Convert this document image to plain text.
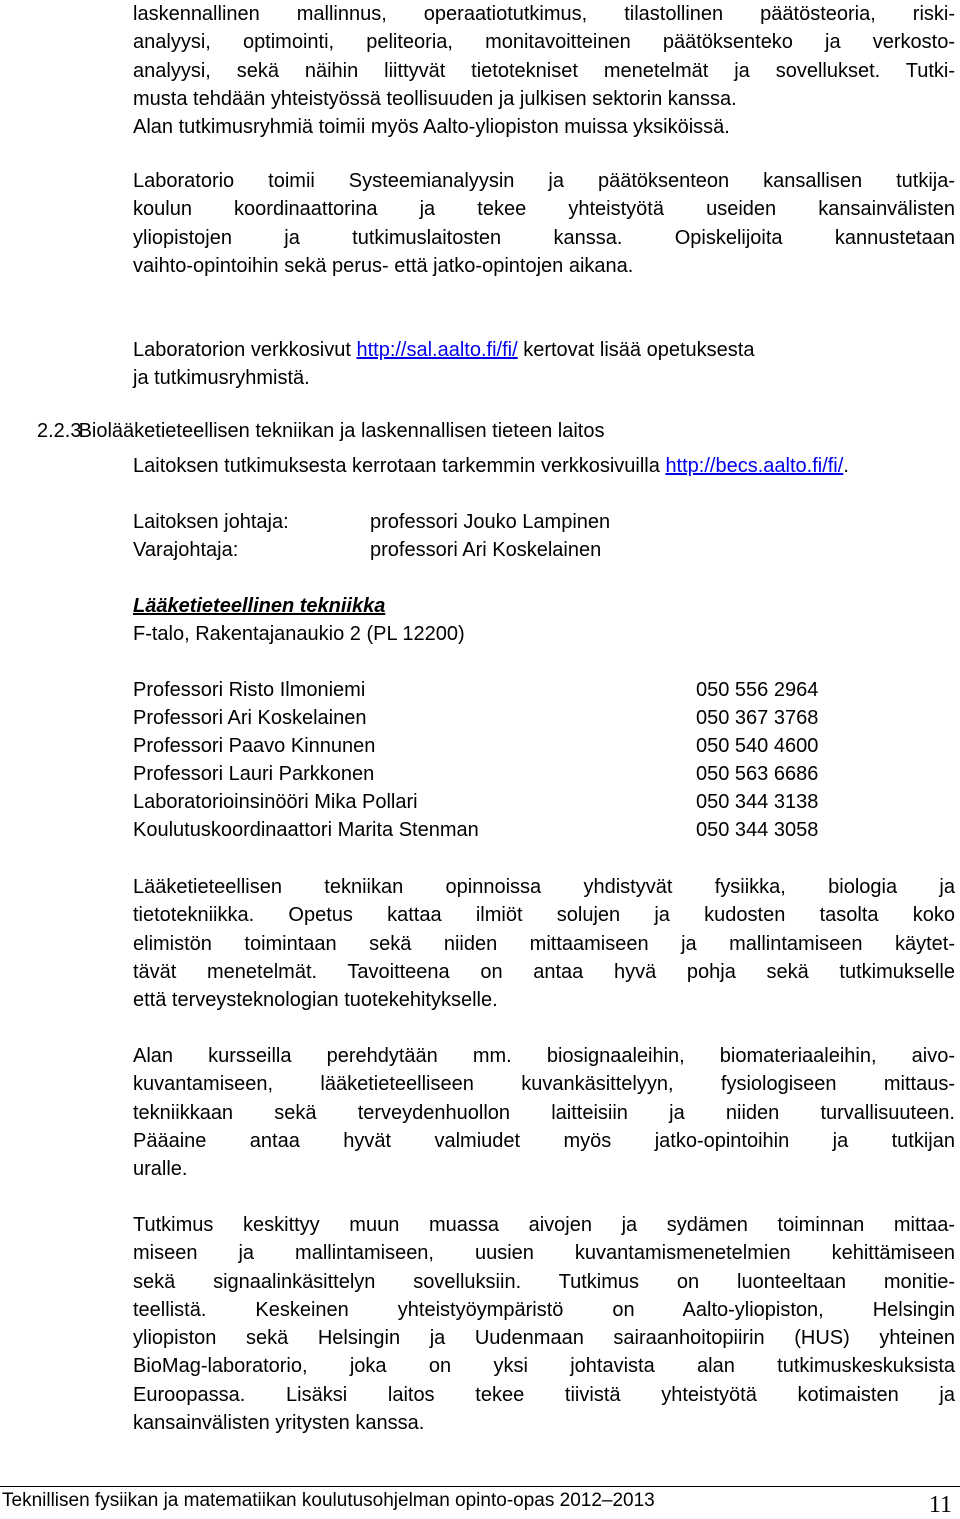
laskennallinen mallinnus, operaatiotutkimus, tilastollinen päätösteoria, riski-
analyysi, optimointi, peliteoria, monitavoitteinen päätöksenteko ja verkosto-
analyysi, sekä näihin liittyvät tietotekniset menetelmät ja sovellukset. Tutki-
musta tehdään yhteistyössä teollisuuden ja julkisen sektorin kanssa.
Alan tutkimusryhmiä toimii myös Aalto-yliopiston muissa yksiköissä.
Laboratorio toimii Systeemianalyysin ja päätöksenteon kansallisen tutkija-
koulun koordinaattorina ja tekee yhteistyötä useiden kansainvälisten
yliopistojen ja tutkimuslaitosten kanssa. Opiskelijoita kannustetaan
vaihto-opintoihin sekä perus- että jatko-opintojen aikana.
Laboratorion verkkosivut http://sal.aalto.fi/fi/ kertovat lisää opetuksesta
ja tutkimusryhmistä.
2.2.3 Biolääketieteellisen tekniikan ja laskennallisen tieteen laitos
Laitoksen tutkimuksesta kerrotaan tarkemmin verkkosivuilla http://becs.aalto.fi/fi/.
Laitoksen johtaja:	professori Jouko Lampinen
Varajohtaja:	professori Ari Koskelainen
Lääketieteellinen tekniikka
F-talo, Rakentajanaukio 2 (PL 12200)
Professori Risto Ilmoniemi	050 556 2964
Professori Ari Koskelainen	050 367 3768
Professori Paavo Kinnunen	050 540 4600
Professori Lauri Parkkonen	050 563 6686
Laboratorioinsinööri Mika Pollari	050 344 3138
Koulutuskoordinaattori Marita Stenman	050 344 3058
Lääketieteellisen tekniikan opinnoissa yhdistyvät fysiikka, biologia ja
tietotekniikka. Opetus kattaa ilmiöt solujen ja kudosten tasolta koko
elimistön toimintaan sekä niiden mittaamiseen ja mallintamiseen käytet-
tävät menetelmät. Tavoitteena on antaa hyvä pohja sekä tutkimukselle
että terveysteknologian tuotekehitykselle.
Alan kursseilla perehdytään mm. biosignaaleihin, biomateriaaleihin, aivo-
kuvantamiseen, lääketieteelliseen kuvankäsittelyyn, fysiologiseen mittaus-
tekniikkaan sekä terveydenhuollon laitteisiin ja niiden turvallisuuteen.
Pääaine antaa hyvät valmiudet myös jatko-opintoihin ja tutkijan
uralle.
Tutkimus keskittyy muun muassa aivojen ja sydämen toiminnan mittaa-
miseen ja mallintamiseen, uusien kuvantamismenetelmien kehittämiseen
sekä signaalinkäsittelyn sovelluksiin. Tutkimus on luonteeltaan monitie-
teellistä. Keskeinen yhteistyöympäristö on Aalto-yliopiston, Helsingin
yliopiston sekä Helsingin ja Uudenmaan sairaanhoitopiirin (HUS) yhteinen
BioMag-laboratorio, joka on yksi johtavista alan tutkimuskeskuksista
Euroopassa. Lisäksi laitos tekee tiivistä yhteistyötä kotimaisten ja
kansainvälisten yritysten kanssa.
Teknillisen fysiikan ja matematiikan koulutusohjelman opinto-opas 2012–2013	11
